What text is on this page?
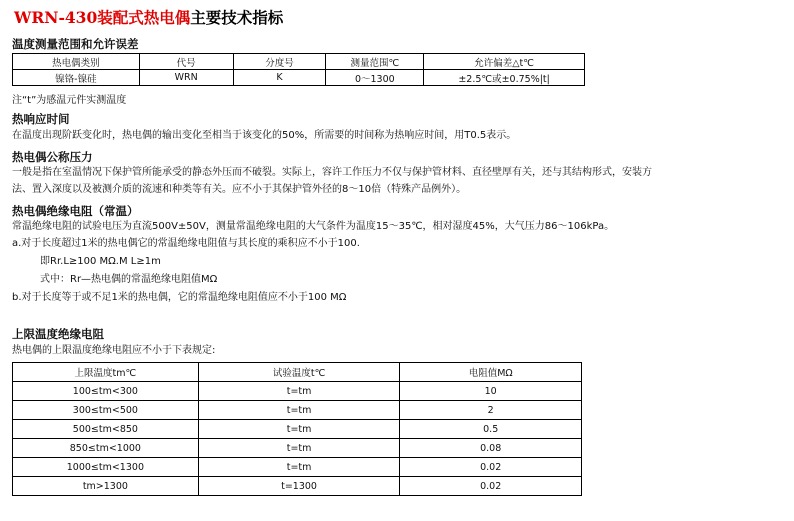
WRN-430装配式热电偶主要技术指标
温度测量范围和允许误差
热电偶类别	代号	分度号	测量范围℃	允许偏差△t℃
镍铬-镍硅	WRN	K	0～1300	±2.5℃或±0.75%|t|
注“t”为感温元件实测温度
热响应时间
在温度出现阶跃变化时，热电偶的输出变化至相当于该变化的50%，所需要的时间称为热响应时间，用T0.5表示。
热电偶公称压力
一般是指在室温情况下保护管所能承受的静态外压而不破裂。实际上，容许工作压力不仅与保护管材料、直径壁厚有关，还与其结构形式，安装方
法、置入深度以及被测介质的流速和种类等有关。应不小于其保护管外径的8～10倍（特殊产品例外）。
热电偶绝缘电阻（常温）
常温绝缘电阻的试验电压为直流500V±50V，测量常温绝缘电阻的大气条件为温度15～35℃，相对湿度45%，大气压力86～106kPa。
a.对于长度超过1米的热电偶它的常温绝缘电阻值与其长度的乘积应不小于100.
即Rr.L≥100 MΩ.M L≥1m
式中：Rr—热电偶的常温绝缘电阻值MΩ
b.对于长度等于或不足1米的热电偶，它的常温绝缘电阻值应不小于100 MΩ
上限温度绝缘电阻
热电偶的上限温度绝缘电阻应不小于下表规定:
上限温度tm℃	试验温度t℃	电阻值MΩ
100≤tm<300	t=tm	10
300≤tm<500	t=tm	2
500≤tm<850	t=tm	0.5
850≤tm<1000	t=tm	0.08
1000≤tm<1300	t=tm	0.02
tm>1300	t=1300	0.02
